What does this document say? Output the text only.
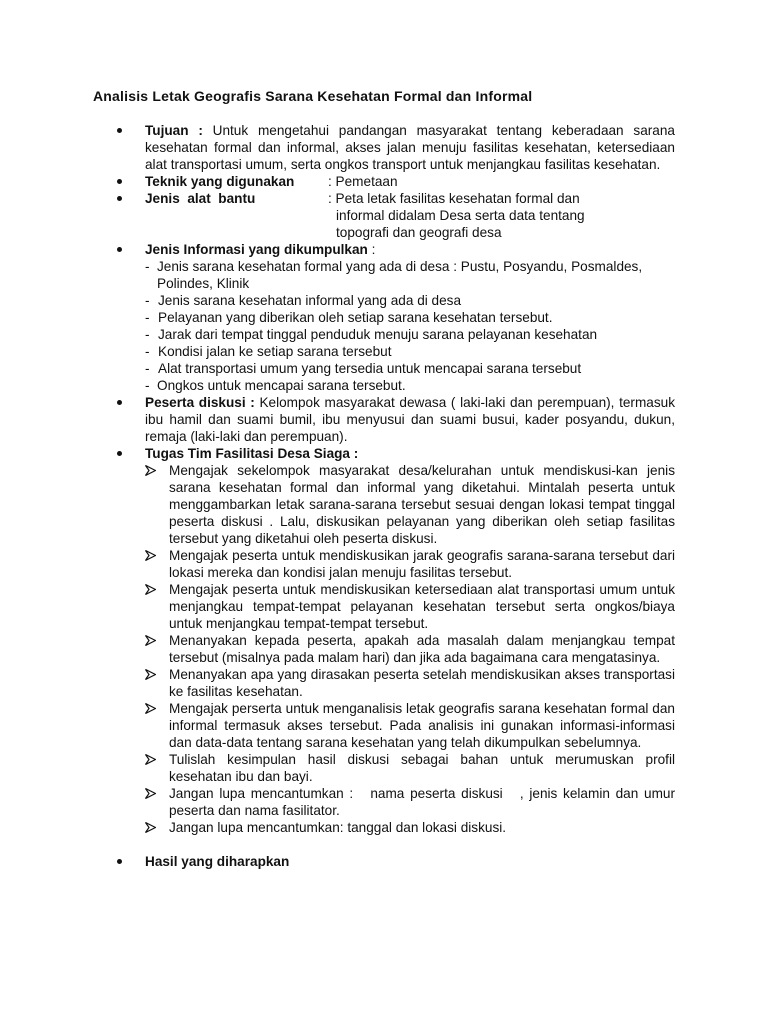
Analisis Letak Geografis Sarana Kesehatan Formal dan Informal
Tujuan : Untuk mengetahui pandangan masyarakat tentang keberadaan sarana kesehatan formal dan informal, akses jalan menuju fasilitas kesehatan, ketersediaan alat transportasi umum, serta ongkos transport untuk menjangkau fasilitas kesehatan.
Teknik yang digunakan	: Pemetaan
Jenis  alat  bantu	: Peta letak fasilitas kesehatan formal dan
informal didalam Desa serta data tentang
topografi dan geografi desa
Jenis Informasi yang dikumpulkan :
- Jenis sarana kesehatan formal yang ada di desa : Pustu, Posyandu, Posmaldes, Polindes, Klinik
- Jenis sarana kesehatan informal yang ada di desa
- Pelayanan yang diberikan oleh setiap sarana kesehatan tersebut.
- Jarak dari tempat tinggal penduduk menuju sarana pelayanan kesehatan
- Kondisi jalan ke setiap sarana tersebut
- Alat transportasi umum yang tersedia untuk mencapai sarana tersebut
- Ongkos untuk mencapai sarana tersebut.
Peserta diskusi : Kelompok masyarakat dewasa ( laki-laki dan perempuan), termasuk ibu hamil dan suami bumil, ibu menyusui dan suami busui, kader posyandu, dukun, remaja (laki-laki dan perempuan).
Tugas Tim Fasilitasi Desa Siaga :
Mengajak sekelompok masyarakat desa/kelurahan untuk mendiskusi-kan jenis sarana kesehatan formal dan informal yang diketahui. Mintalah peserta untuk menggambarkan letak sarana-sarana tersebut sesuai dengan lokasi tempat tinggal peserta diskusi . Lalu, diskusikan pelayanan yang diberikan oleh setiap fasilitas tersebut yang diketahui oleh peserta diskusi.
Mengajak peserta untuk mendiskusikan jarak geografis sarana-sarana tersebut dari lokasi mereka dan kondisi jalan menuju fasilitas tersebut.
Mengajak peserta untuk mendiskusikan ketersediaan alat transportasi umum untuk menjangkau tempat-tempat pelayanan kesehatan tersebut serta ongkos/biaya untuk menjangkau tempat-tempat tersebut.
Menanyakan kepada peserta, apakah ada masalah dalam menjangkau tempat tersebut (misalnya pada malam hari) dan jika ada bagaimana cara mengatasinya.
Menanyakan apa yang dirasakan peserta setelah mendiskusikan akses transportasi ke fasilitas kesehatan.
Mengajak perserta untuk menganalisis letak geografis sarana kesehatan formal dan informal termasuk akses tersebut. Pada analisis ini gunakan informasi-informasi dan data-data tentang sarana kesehatan yang telah dikumpulkan sebelumnya.
Tulislah kesimpulan hasil diskusi sebagai bahan untuk merumuskan profil kesehatan ibu dan bayi.
Jangan lupa mencantumkan :   nama peserta diskusi   , jenis kelamin dan umur peserta dan nama fasilitator.
Jangan lupa mencantumkan: tanggal dan lokasi diskusi.
Hasil yang diharapkan
